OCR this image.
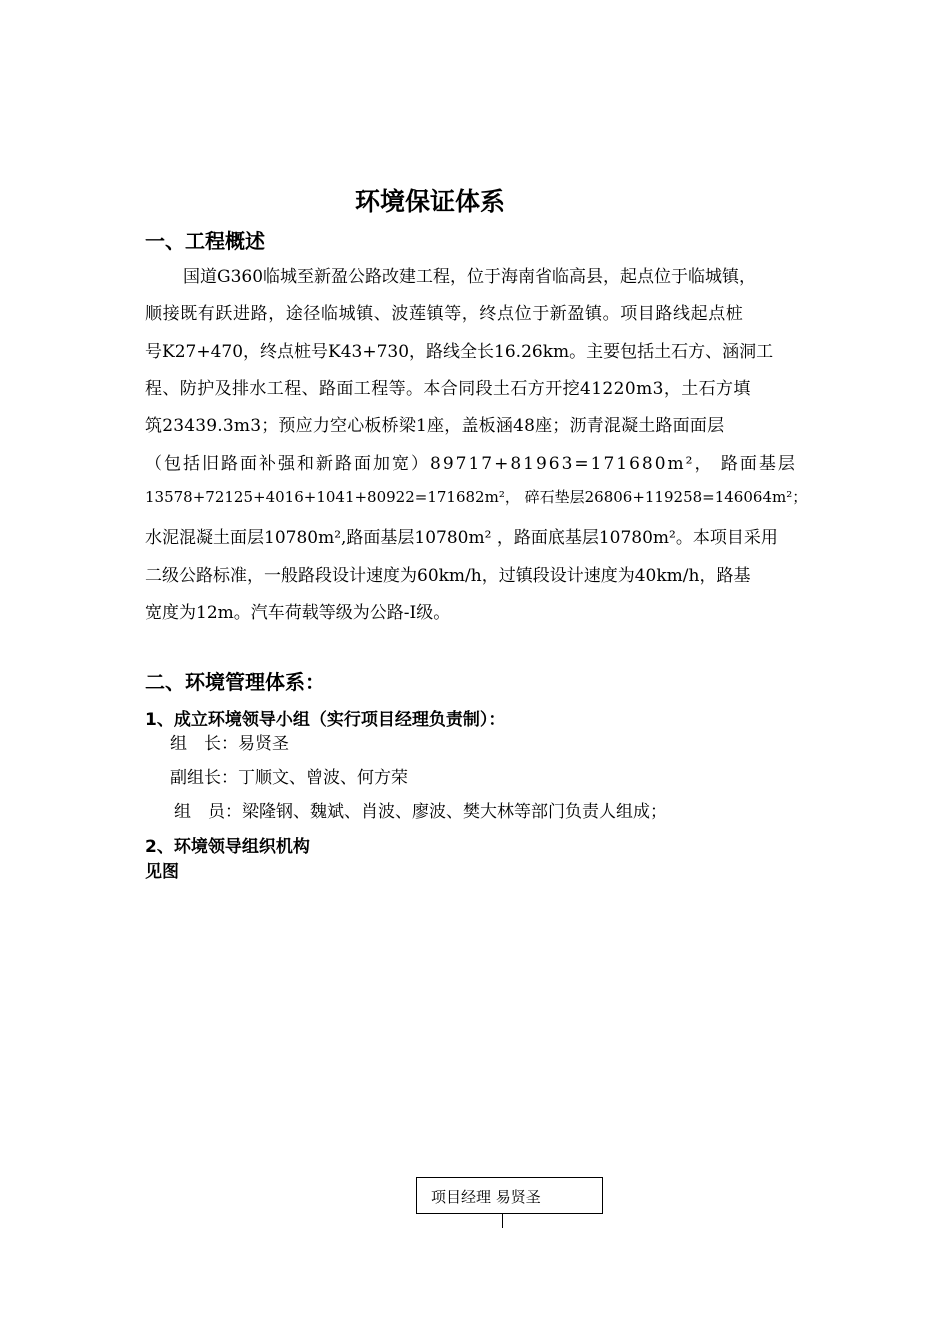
环境保证体系
一、工程概述
国道G360临城至新盈公路改建工程，位于海南省临高县，起点位于临城镇，
顺接既有跃进路，途径临城镇、波莲镇等，终点位于新盈镇。项目路线起点桩
号K27+470，终点桩号K43+730，路线全长16.26km。主要包括土石方、涵洞工
程、防护及排水工程、路面工程等。本合同段土石方开挖41220m3，土石方填
筑23439.3m3；预应力空心板桥梁1座，盖板涵48座；沥青混凝土路面面层
（包括旧路面补强和新路面加宽）89717+81963=171680m²， 路面基层
13578+72125+4016+1041+80922=171682m²， 碎石垫层26806+119258=146064m²；
水泥混凝土面层10780m²,路面基层10780m² ，路面底基层10780m²。本项目采用
二级公路标准，一般路段设计速度为60km/h，过镇段设计速度为40km/h，路基
宽度为12m。汽车荷载等级为公路-Ⅰ级。
二、环境管理体系：
1、成立环境领导小组（实行项目经理负责制）：
组　长：易贤圣
副组长：丁顺文、曾波、何方荣
组　员：梁隆钢、魏斌、肖波、廖波、樊大林等部门负责人组成；
2、环境领导组织机构
见图
项目经理 易贤圣
